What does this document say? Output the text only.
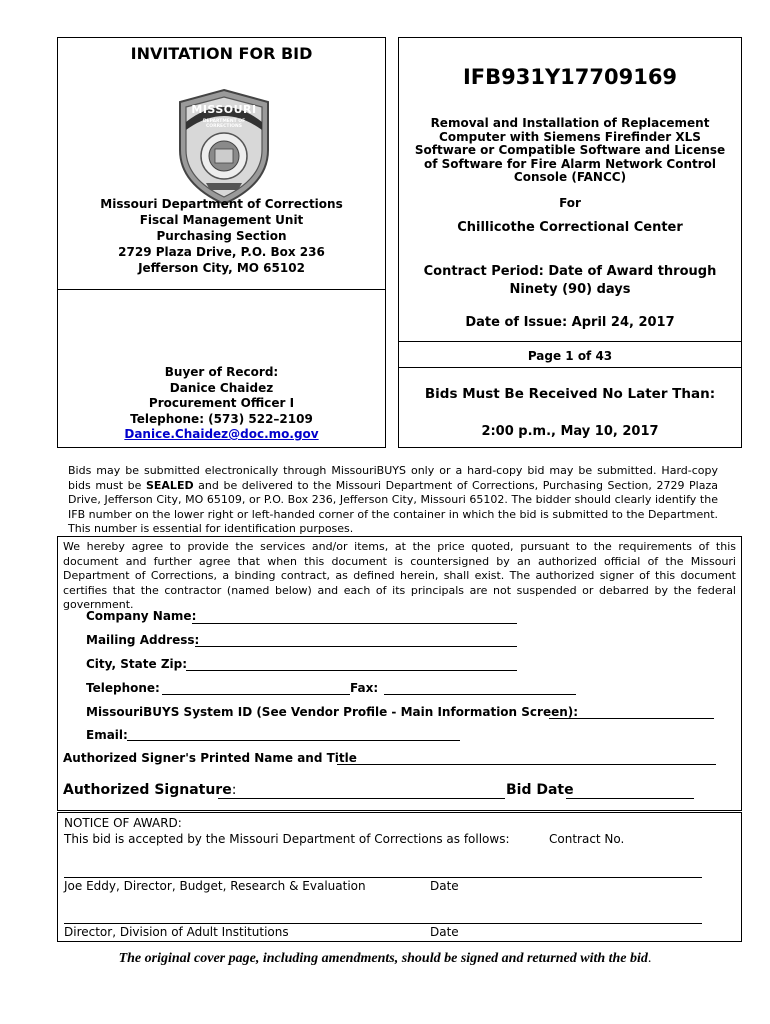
INVITATION FOR BID
MISSOURI
DEPARTMENT OF CORRECTIONS
Missouri Department of Corrections
Fiscal Management Unit
Purchasing Section
2729 Plaza Drive, P.O. Box 236
Jefferson City, MO 65102
Buyer of Record:
Danice Chaidez
Procurement Officer I
Telephone: (573) 522–2109
Danice.Chaidez@doc.mo.gov
IFB931Y17709169
Removal and Installation of Replacement Computer with Siemens Firefinder XLS Software or Compatible Software and License of Software for Fire Alarm Network Control Console (FANCC)
For
Chillicothe Correctional Center
Contract Period: Date of Award through Ninety (90) days
Date of Issue: April 24, 2017
Page 1 of 43
Bids Must Be Received No Later Than:
2:00 p.m., May 10, 2017
Bids may be submitted electronically through MissouriBUYS only or a hard-copy bid may be submitted. Hard-copy bids must be SEALED and be delivered to the Missouri Department of Corrections, Purchasing Section, 2729 Plaza Drive, Jefferson City, MO 65109, or P.O. Box 236, Jefferson City, Missouri 65102. The bidder should clearly identify the IFB number on the lower right or left-handed corner of the container in which the bid is submitted to the Department. This number is essential for identification purposes.
We hereby agree to provide the services and/or items, at the price quoted, pursuant to the requirements of this document and further agree that when this document is countersigned by an authorized official of the Missouri Department of Corrections, a binding contract, as defined herein, shall exist. The authorized signer of this document certifies that the contractor (named below) and each of its principals are not suspended or debarred by the federal government.
Company Name:
Mailing Address:
City, State Zip:
Telephone:	Fax:
MissouriBUYS System ID (See Vendor Profile - Main Information Screen):
Email:
Authorized Signer's Printed Name and Title
Authorized Signature:	Bid Date
NOTICE OF AWARD:
This bid is accepted by the Missouri Department of Corrections as follows:	Contract No.
Joe Eddy, Director, Budget, Research & Evaluation	Date
Director, Division of Adult Institutions	Date
The original cover page, including amendments, should be signed and returned with the bid.
